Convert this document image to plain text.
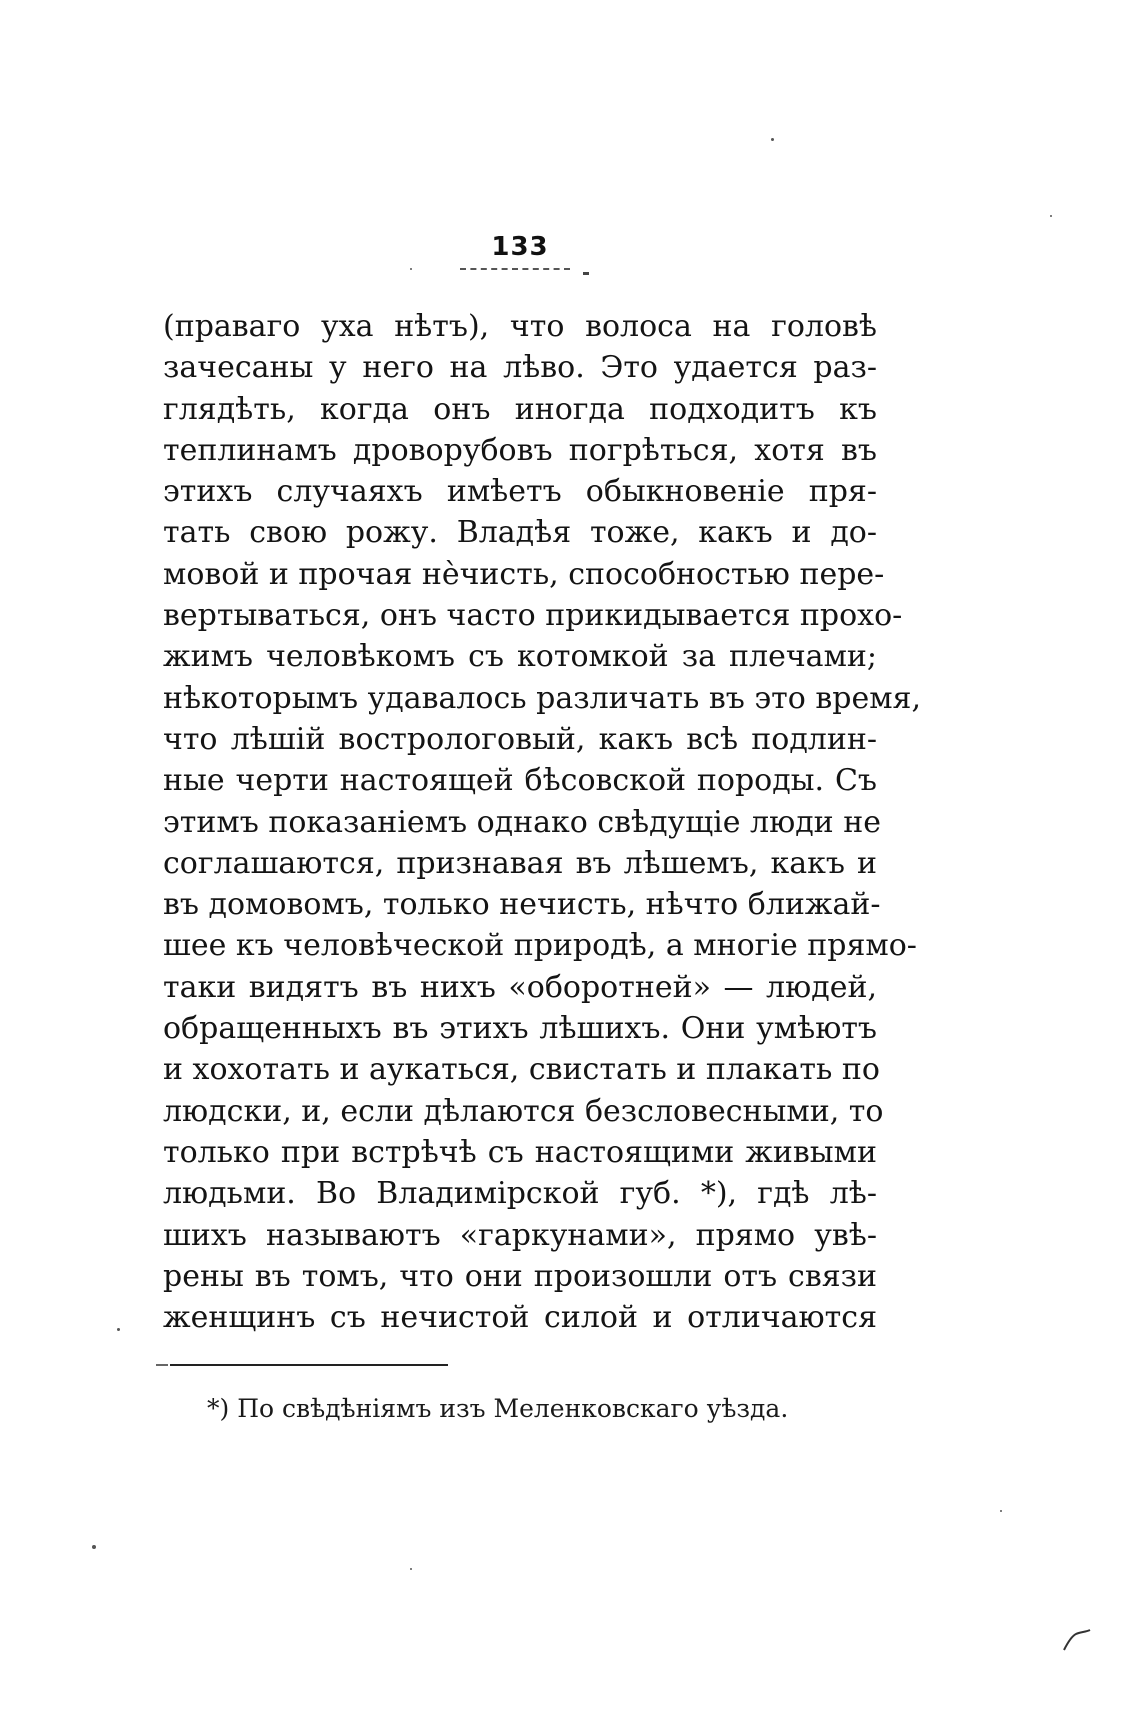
133
(праваго уха нѣтъ), что волоса на головѣ
зачесаны у него на лѣво. Это удается раз-
глядѣть, когда онъ иногда подходитъ къ
теплинамъ дроворубовъ погрѣться, хотя въ
этихъ случаяхъ имѣетъ обыкновеніе пря-
тать свою рожу. Владѣя тоже, какъ и до-
мовой и прочая нѐчисть, способностью пере-
вертываться, онъ часто прикидывается прохо-
жимъ человѣкомъ съ котомкой за плечами;
нѣкоторымъ удавалось различать въ это время,
что лѣшій вострологовый, какъ всѣ подлин-
ные черти настоящей бѣсовской породы. Съ
этимъ показаніемъ однако свѣдущіе люди не
соглашаются, признавая въ лѣшемъ, какъ и
въ домовомъ, только нечисть, нѣчто ближай-
шее къ человѣческой природѣ, а многіе прямо-
таки видятъ въ нихъ «оборотней» — людей,
обращенныхъ въ этихъ лѣшихъ. Они умѣютъ
и хохотать и аукаться, свистать и плакать по
людски, и, если дѣлаются безсловесными, то
только при встрѣчѣ съ настоящими живыми
людьми. Во Владимірской губ. *), гдѣ лѣ-
шихъ называютъ «гаркунами», прямо увѣ-
рены въ томъ, что они произошли отъ связи
женщинъ съ нечистой силой и отличаются
*) По свѣдѣніямъ изъ Меленковскаго уѣзда.
